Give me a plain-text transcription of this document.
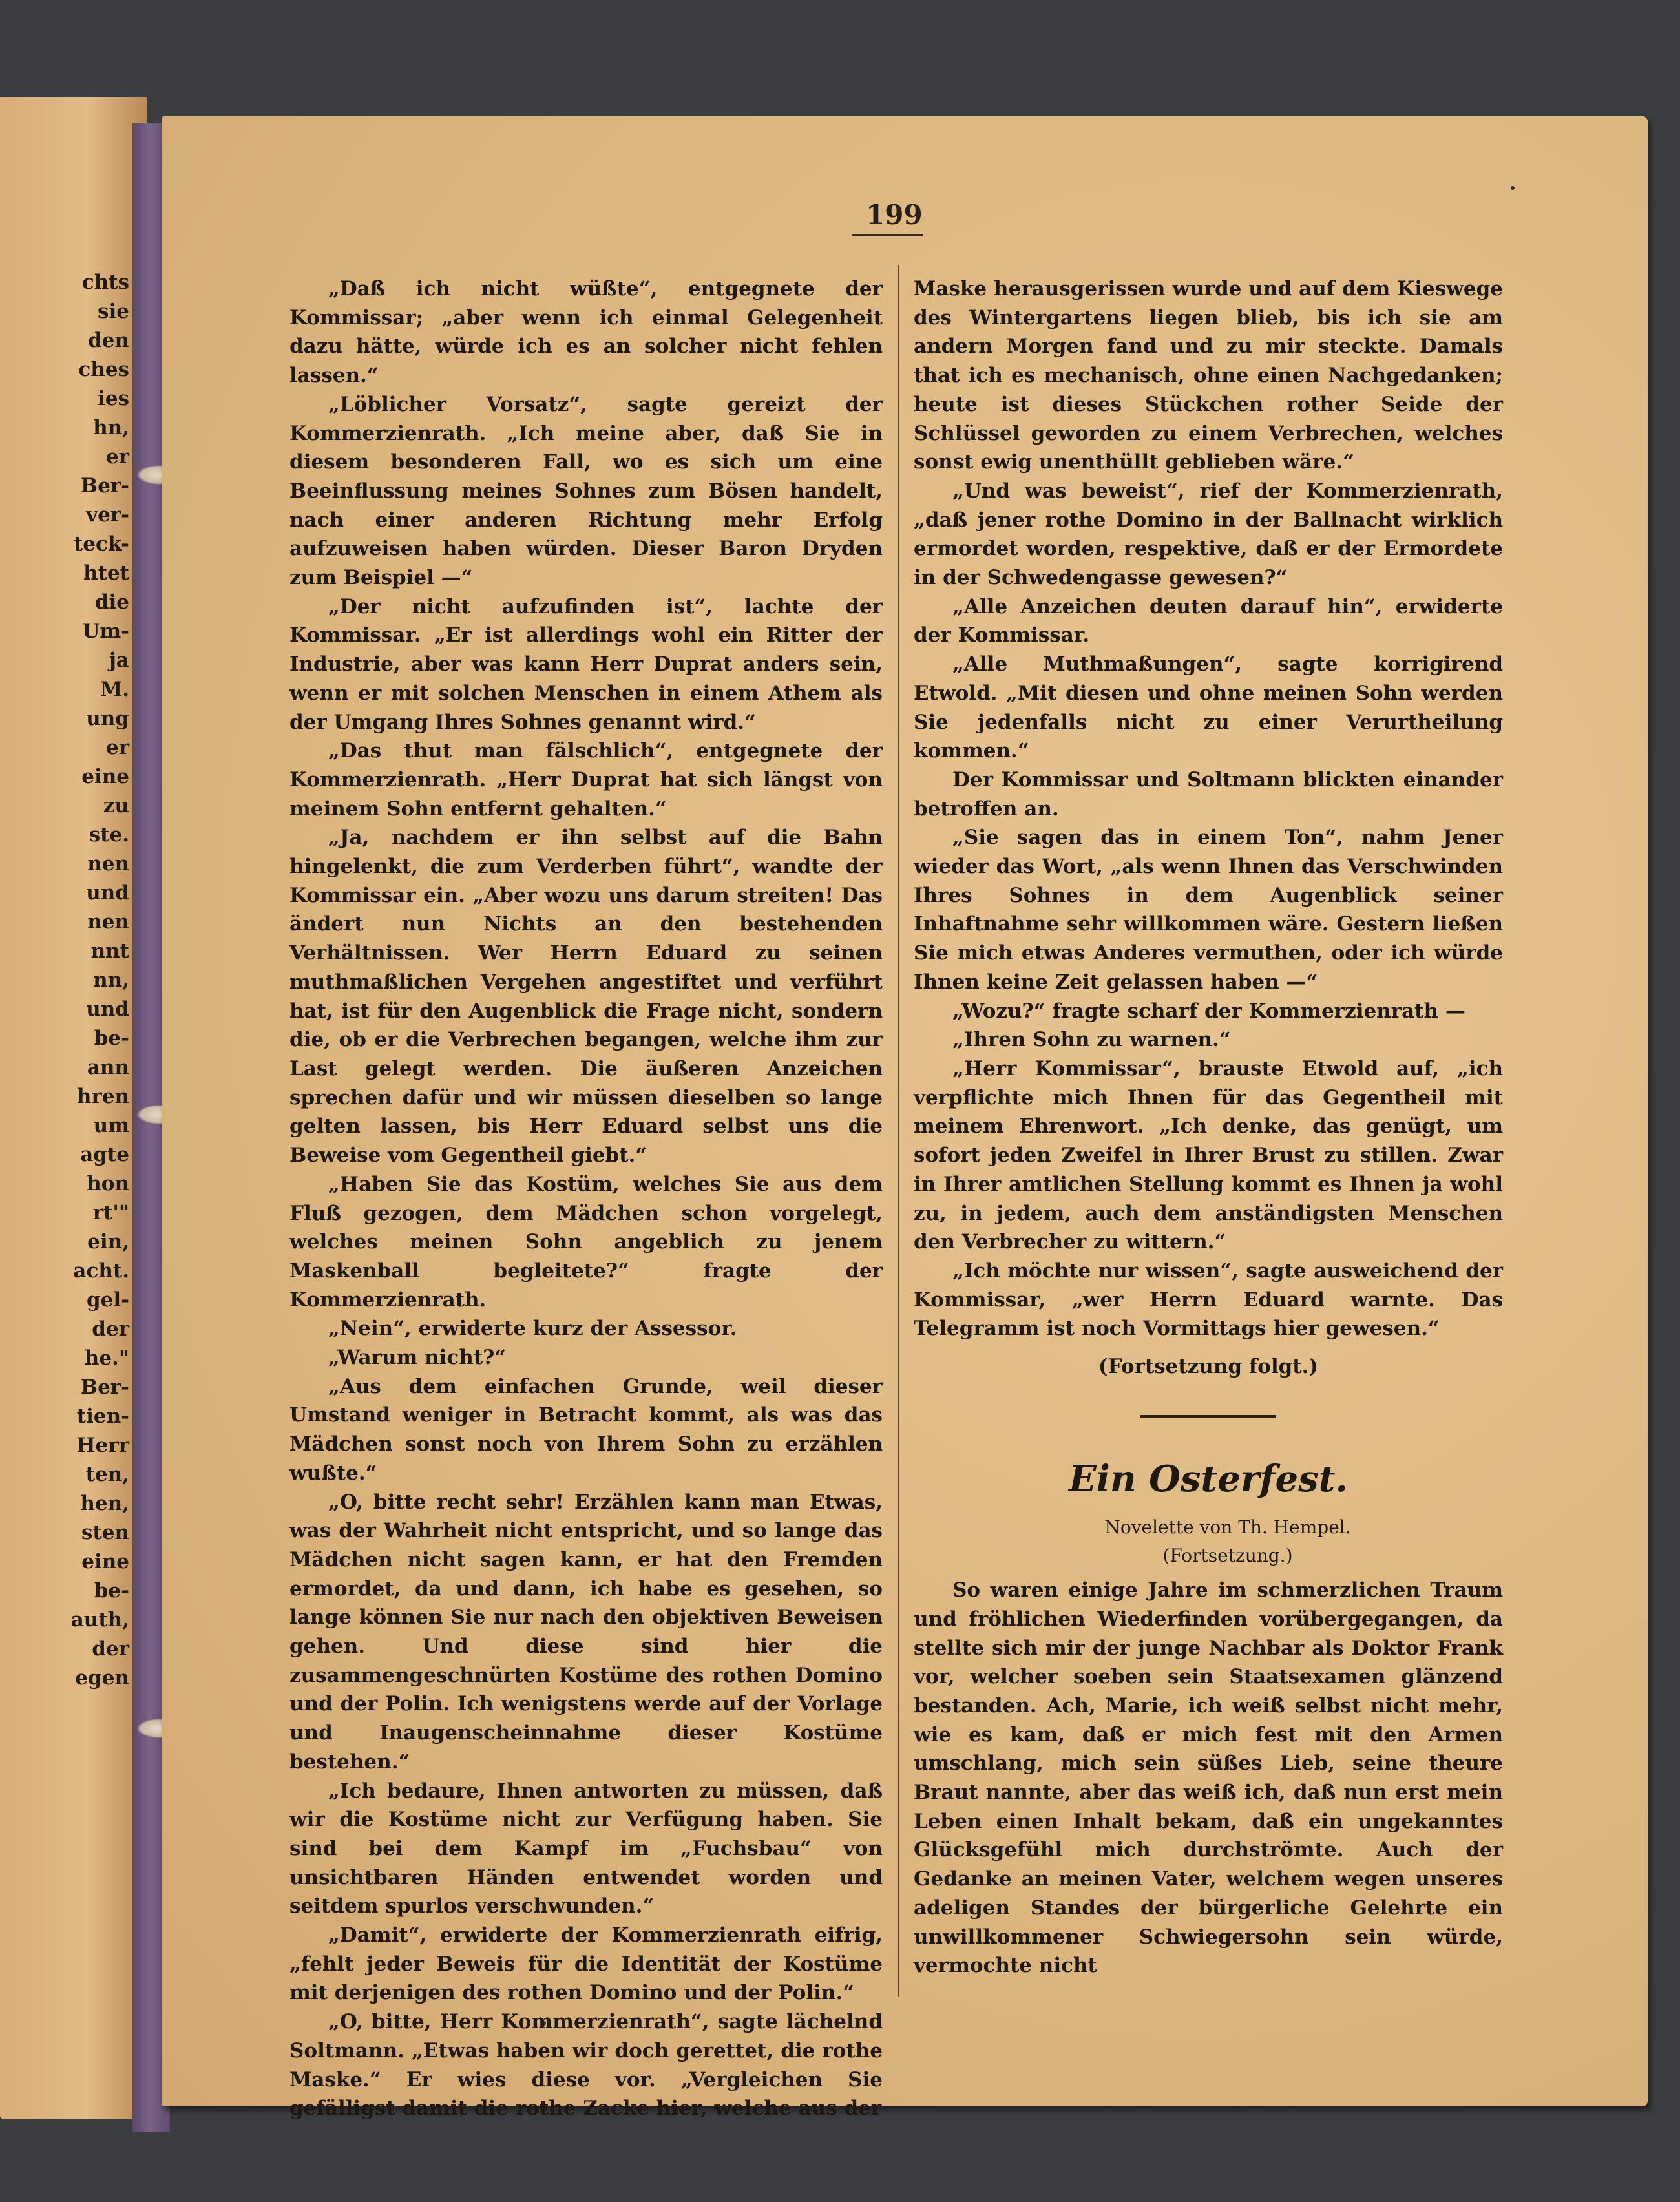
chts
sie
den
ches
ies
hn,
er
Ber-
ver-
teck-
htet
die
Um-
ja
M.
ung
er
eine
zu
ste.
nen
und
nen
nnt
nn,
und
be-
ann
hren
um
agte
hon
rt'"
ein,
acht.
gel-
der
he."
Ber-
tien-
Herr
ten,
hen,
sten
eine
be-
auth,
der
egen
199

„Daß ich nicht wüßte“, entgegnete der Kommissar; „aber wenn ich einmal Gelegenheit dazu hätte, würde ich es an solcher nicht fehlen lassen.“

„Löblicher Vorsatz“, sagte gereizt der Kommerzienrath. „Ich meine aber, daß Sie in diesem besonderen Fall, wo es sich um eine Beeinflussung meines Sohnes zum Bösen handelt, nach einer anderen Richtung mehr Erfolg aufzuweisen haben würden. Dieser Baron Dryden zum Beispiel —“

„Der nicht aufzufinden ist“, lachte der Kommissar. „Er ist allerdings wohl ein Ritter der Industrie, aber was kann Herr Duprat anders sein, wenn er mit solchen Menschen in einem Athem als der Umgang Ihres Sohnes genannt wird.“

„Das thut man fälschlich“, entgegnete der Kommerzienrath. „Herr Duprat hat sich längst von meinem Sohn entfernt gehalten.“

„Ja, nachdem er ihn selbst auf die Bahn hingelenkt, die zum Verderben führt“, wandte der Kommissar ein. „Aber wozu uns darum streiten! Das ändert nun Nichts an den bestehenden Verhältnissen. Wer Herrn Eduard zu seinen muthmaßlichen Vergehen angestiftet und verführt hat, ist für den Augenblick die Frage nicht, sondern die, ob er die Verbrechen begangen, welche ihm zur Last gelegt werden. Die äußeren Anzeichen sprechen dafür und wir müssen dieselben so lange gelten lassen, bis Herr Eduard selbst uns die Beweise vom Gegentheil giebt.“

„Haben Sie das Kostüm, welches Sie aus dem Fluß gezogen, dem Mädchen schon vorgelegt, welches meinen Sohn angeblich zu jenem Maskenball begleitete?“ fragte der Kommerzienrath.

„Nein“, erwiderte kurz der Assessor.

„Warum nicht?“

„Aus dem einfachen Grunde, weil dieser Umstand weniger in Betracht kommt, als was das Mädchen sonst noch von Ihrem Sohn zu erzählen wußte.“

„O, bitte recht sehr! Erzählen kann man Etwas, was der Wahrheit nicht entspricht, und so lange das Mädchen nicht sagen kann, er hat den Fremden ermordet, da und dann, ich habe es gesehen, so lange können Sie nur nach den objektiven Beweisen gehen. Und diese sind hier die zusammengeschnürten Kostüme des rothen Domino und der Polin. Ich wenigstens werde auf der Vorlage und Inaugenscheinnahme dieser Kostüme bestehen.“

„Ich bedaure, Ihnen antworten zu müssen, daß wir die Kostüme nicht zur Verfügung haben. Sie sind bei dem Kampf im „Fuchsbau“ von unsichtbaren Händen entwendet worden und seitdem spurlos verschwunden.“

„Damit“, erwiderte der Kommerzienrath eifrig, „fehlt jeder Beweis für die Identität der Kostüme mit derjenigen des rothen Domino und der Polin.“

„O, bitte, Herr Kommerzienrath“, sagte lächelnd Soltmann. „Etwas haben wir doch gerettet, die rothe Maske.“ Er wies diese vor. „Vergleichen Sie gefälligst damit die rothe Zacke hier, welche aus der

Maske herausgerissen wurde und auf dem Kieswege des Wintergartens liegen blieb, bis ich sie am andern Morgen fand und zu mir steckte. Damals that ich es mechanisch, ohne einen Nachgedanken; heute ist dieses Stückchen rother Seide der Schlüssel geworden zu einem Verbrechen, welches sonst ewig unenthüllt geblieben wäre.“

„Und was beweist“, rief der Kommerzienrath, „daß jener rothe Domino in der Ballnacht wirklich ermordet worden, respektive, daß er der Ermordete in der Schwedengasse gewesen?“

„Alle Anzeichen deuten darauf hin“, erwiderte der Kommissar.

„Alle Muthmaßungen“, sagte korrigirend Etwold. „Mit diesen und ohne meinen Sohn werden Sie jedenfalls nicht zu einer Verurtheilung kommen.“

Der Kommissar und Soltmann blickten einander betroffen an.

„Sie sagen das in einem Ton“, nahm Jener wieder das Wort, „als wenn Ihnen das Verschwinden Ihres Sohnes in dem Augenblick seiner Inhaftnahme sehr willkommen wäre. Gestern ließen Sie mich etwas Anderes vermuthen, oder ich würde Ihnen keine Zeit gelassen haben —“

„Wozu?“ fragte scharf der Kommerzienrath —

„Ihren Sohn zu warnen.“

„Herr Kommissar“, brauste Etwold auf, „ich verpflichte mich Ihnen für das Gegentheil mit meinem Ehrenwort. „Ich denke, das genügt, um sofort jeden Zweifel in Ihrer Brust zu stillen. Zwar in Ihrer amtlichen Stellung kommt es Ihnen ja wohl zu, in jedem, auch dem anständigsten Menschen den Verbrecher zu wittern.“

„Ich möchte nur wissen“, sagte ausweichend der Kommissar, „wer Herrn Eduard warnte. Das Telegramm ist noch Vormittags hier gewesen.“

(Fortsetzung folgt.)

Ein Osterfest.

Novelette von Th. Hempel.

(Fortsetzung.)

So waren einige Jahre im schmerzlichen Traum und fröhlichen Wiederfinden vorübergegangen, da stellte sich mir der junge Nachbar als Doktor Frank vor, welcher soeben sein Staatsexamen glänzend bestanden. Ach, Marie, ich weiß selbst nicht mehr, wie es kam, daß er mich fest mit den Armen umschlang, mich sein süßes Lieb, seine theure Braut nannte, aber das weiß ich, daß nun erst mein Leben einen Inhalt bekam, daß ein ungekanntes Glücksgefühl mich durchströmte. Auch der Gedanke an meinen Vater, welchem wegen unseres adeligen Standes der bürgerliche Gelehrte ein unwillkommener Schwiegersohn sein würde, vermochte nicht
